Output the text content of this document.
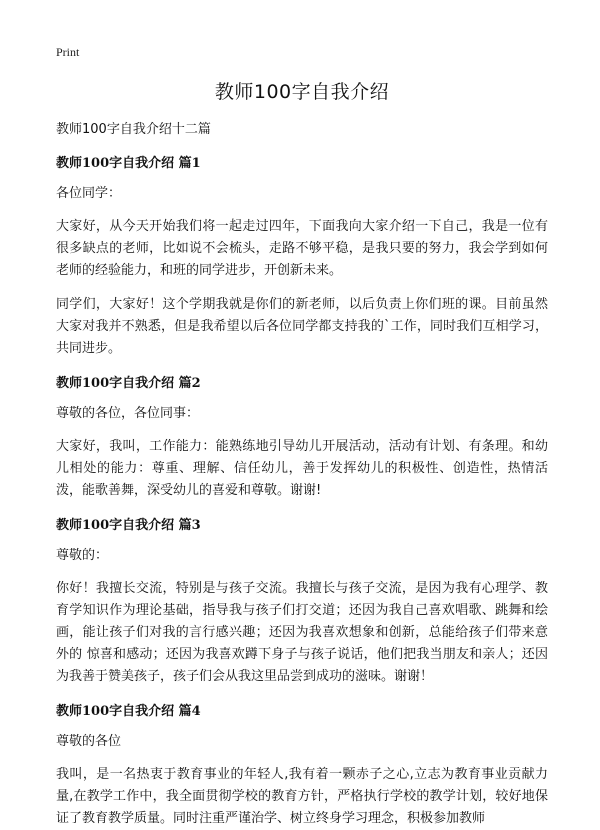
Print
教师100字自我介绍
教师100字自我介绍十二篇
教师100字自我介绍 篇1
各位同学：
大家好，从今天开始我们将一起走过四年，下面我向大家介绍一下自己，我是一位有很多缺点的老师，比如说不会梳头，走路不够平稳，是我只要的努力，我会学到如何老师的经验能力，和班的同学进步，开创新未来。
同学们，大家好！这个学期我就是你们的新老师，以后负责上你们班的课。目前虽然大家对我并不熟悉，但是我希望以后各位同学都支持我的`工作，同时我们互相学习，共同进步。
教师100字自我介绍 篇2
尊敬的各位，各位同事：
大家好，我叫，工作能力：能熟练地引导幼儿开展活动，活动有计划、有条理。和幼儿相处的能力：尊重、理解、信任幼儿，善于发挥幼儿的积极性、创造性，热情活泼，能歌善舞，深受幼儿的喜爱和尊敬。谢谢!
教师100字自我介绍 篇3
尊敬的：
你好！我擅长交流，特别是与孩子交流。我擅长与孩子交流，是因为我有心理学、教育学知识作为理论基础，指导我与孩子们打交道；还因为我自己喜欢唱歌、跳舞和绘画，能让孩子们对我的言行感兴趣；还因为我喜欢想象和创新，总能给孩子们带来意外的 惊喜和感动；还因为我喜欢蹲下身子与孩子说话，他们把我当朋友和亲人；还因为我善于赞美孩子，孩子们会从我这里品尝到成功的滋味。谢谢！
教师100字自我介绍 篇4
尊敬的各位
我叫，是一名热衷于教育事业的年轻人,我有着一颗赤子之心,立志为教育事业贡献力量,在教学工作中，我全面贯彻学校的教育方针，严格执行学校的教学计划，较好地保证了教育教学质量。同时注重严谨治学、树立终身学习理念，积极参加教师
